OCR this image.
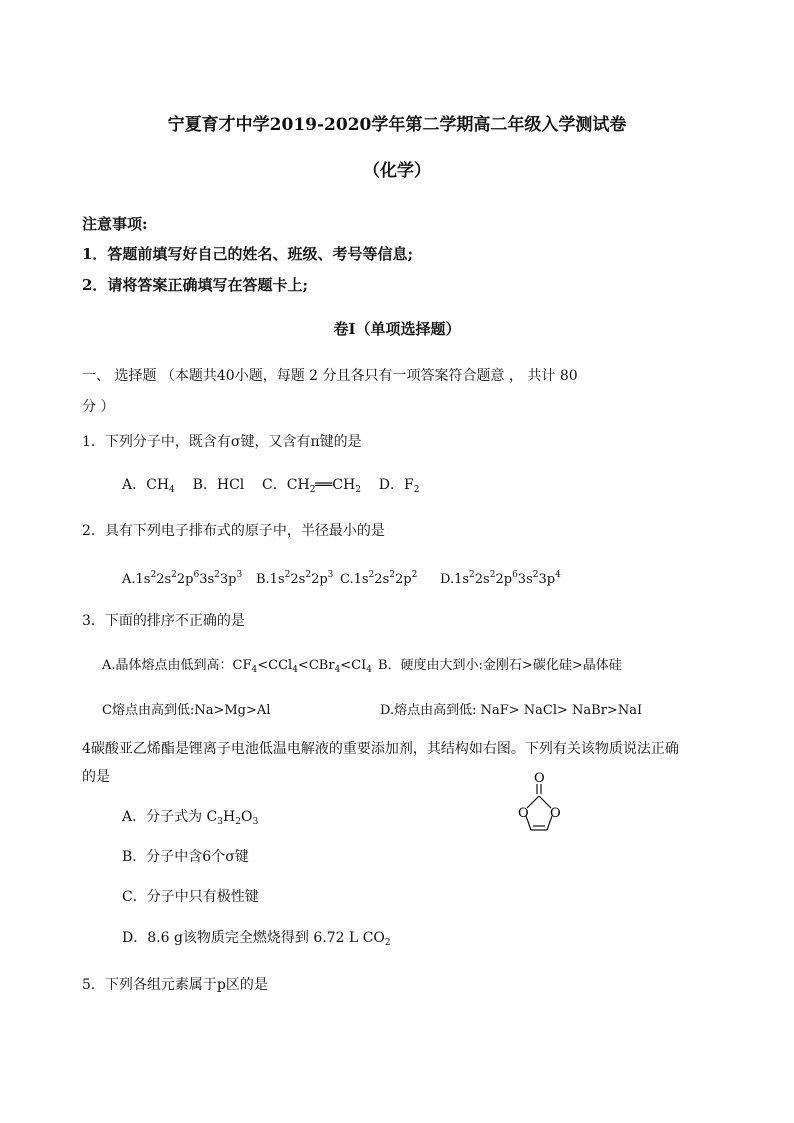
宁夏育才中学2019-2020学年第二学期高二年级入学测试卷
（化学）
注意事项:
1．答题前填写好自己的姓名、班级、考号等信息;
2．请将答案正确填写在答题卡上;
卷I（单项选择题）
一、 选择题 （本题共40小题，每题 2 分且各只有一项答案符合题意 ， 共计 80
分 ）
1．下列分子中，既含有σ键，又含有π键的是
A．$CH_4$    B．HCl    C．$CH_2══CH_2$    D．$F_2$
2．具有下列电子排布式的原子中，半径最小的是
$A.1s^22s^22p^63s^23p^3$ $B.1s^22s^22p^3$ $C.1s^22s^22p^2$ $D.1s^22s^22p^63s^23p^4$
3．下面的排序不正确的是
A.晶体熔点由低到高：$CF_4<CCl_4<CBr_4<CI_4$ B．硬度由大到小:金刚石>碳化硅>晶体硅
C熔点由高到低:Na>Mg>Al	D.熔点由高到低: NaF> NaCl> NaBr>NaI
4碳酸亚乙烯酯是锂离子电池低温电解液的重要添加剂，其结构如右图。下列有关该物质说法正确
的是	O
O O
A．分子式为 $C_3H_2O_3$
B．分子中含6个σ键
C．分子中只有极性键
D．8.6 g该物质完全燃烧得到 6.72 L $CO_2$
5．下列各组元素属于p区的是
